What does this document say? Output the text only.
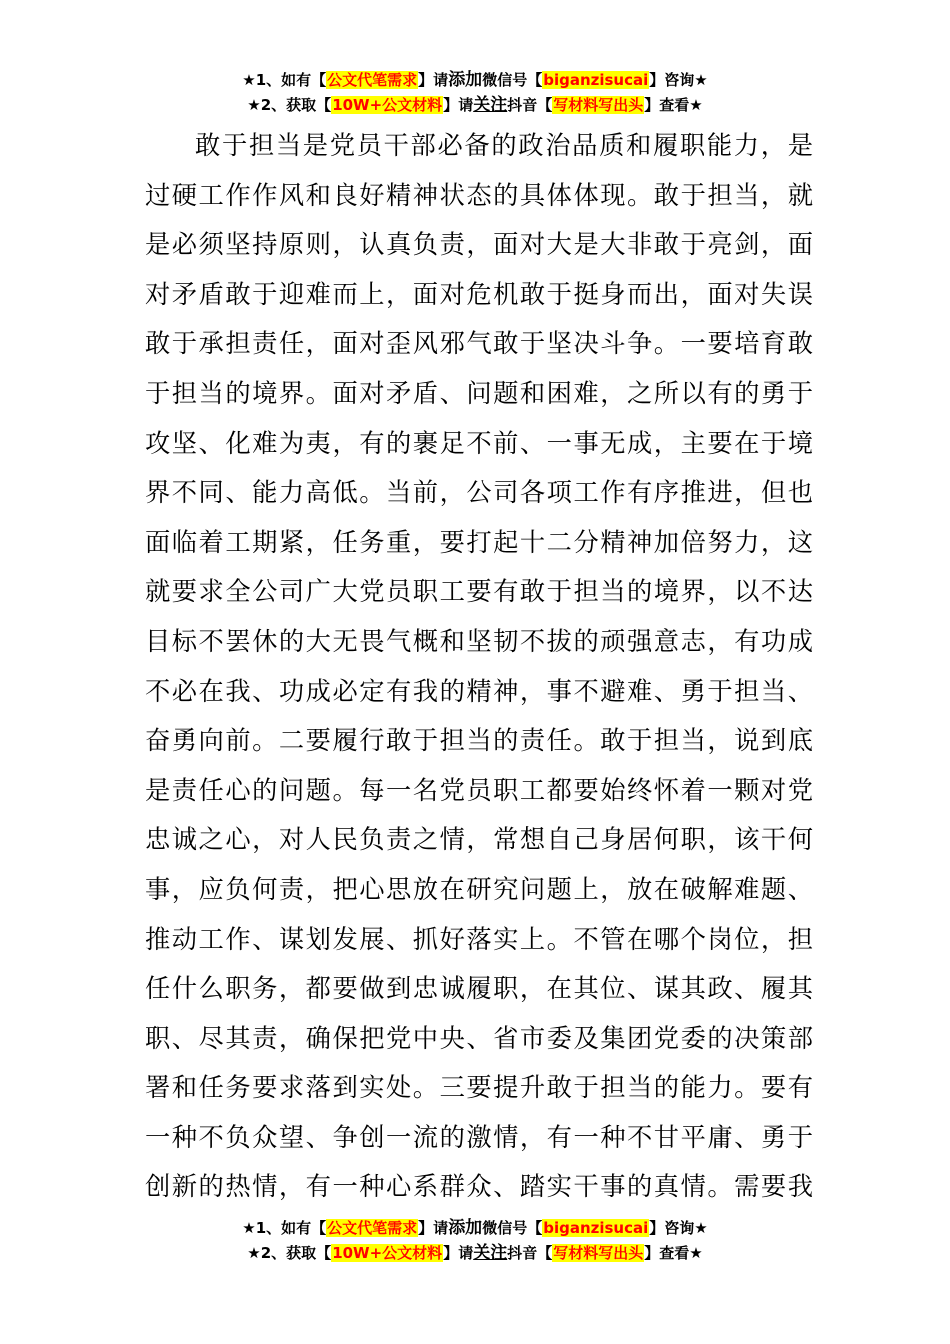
★1、如有【公文代笔需求】请添加微信号【biganzisucai】咨询★
★2、获取【10W+公文材料】请关注抖音【写材料写出头】查看★
敢于担当是党员干部必备的政治品质和履职能力，是
过硬工作作风和良好精神状态的具体体现。敢于担当，就
是必须坚持原则，认真负责，面对大是大非敢于亮剑，面
对矛盾敢于迎难而上，面对危机敢于挺身而出，面对失误
敢于承担责任，面对歪风邪气敢于坚决斗争。一要培育敢
于担当的境界。面对矛盾、问题和困难，之所以有的勇于
攻坚、化难为夷，有的裹足不前、一事无成，主要在于境
界不同、能力高低。当前，公司各项工作有序推进，但也
面临着工期紧，任务重，要打起十二分精神加倍努力，这
就要求全公司广大党员职工要有敢于担当的境界，以不达
目标不罢休的大无畏气概和坚韧不拔的顽强意志，有功成
不必在我、功成必定有我的精神，事不避难、勇于担当、
奋勇向前。二要履行敢于担当的责任。敢于担当，说到底
是责任心的问题。每一名党员职工都要始终怀着一颗对党
忠诚之心，对人民负责之情，常想自己身居何职，该干何
事，应负何责，把心思放在研究问题上，放在破解难题、
推动工作、谋划发展、抓好落实上。不管在哪个岗位，担
任什么职务，都要做到忠诚履职，在其位、谋其政、履其
职、尽其责，确保把党中央、省市委及集团党委的决策部
署和任务要求落到实处。三要提升敢于担当的能力。要有
一种不负众望、争创一流的激情，有一种不甘平庸、勇于
创新的热情，有一种心系群众、踏实干事的真情。需要我
★1、如有【公文代笔需求】请添加微信号【biganzisucai】咨询★
★2、获取【10W+公文材料】请关注抖音【写材料写出头】查看★
